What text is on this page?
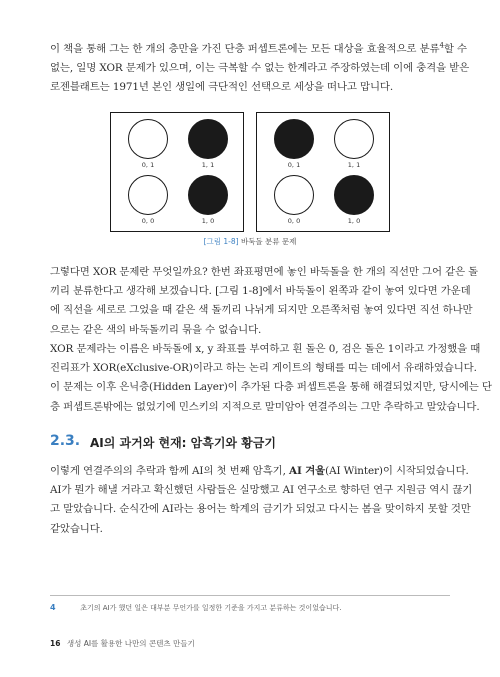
이 책을 통해 그는 한 개의 층만을 가진 단층 퍼셉트론에는 모든 대상을 효율적으로 분류$^4$할 수
없는, 일명 XOR 문제가 있으며, 이는 극복할 수 없는 한계라고 주장하였는데 이에 충격을 받은
로젠블래트는 1971년 본인 생일에 극단적인 선택으로 세상을 떠나고 맙니다.
0, 1	1, 1
0, 0	1, 0
0, 1	1, 1
0, 0	1, 0
[그림 1-8] 바둑돌 분류 문제
그렇다면 XOR 문제란 무엇일까요? 한번 좌표평면에 놓인 바둑돌을 한 개의 직선만 그어 같은 돌
끼리 분류한다고 생각해 보겠습니다. [그림 1-8]에서 바둑돌이 왼쪽과 같이 놓여 있다면 가운데
에 직선을 세로로 그었을 때 같은 색 돌끼리 나뉘게 되지만 오른쪽처럼 놓여 있다면 직선 하나만
으로는 같은 색의 바둑돌끼리 묶을 수 없습니다.
XOR 문제라는 이름은 바둑돌에 x, y 좌표를 부여하고 흰 돌은 0, 검은 돌은 1이라고 가정했을 때
진리표가 XOR(eXclusive-OR)이라고 하는 논리 게이트의 형태를 띠는 데에서 유래하였습니다.
이 문제는 이후 은닉층(Hidden Layer)이 추가된 다층 퍼셉트론을 통해 해결되었지만, 당시에는 단
층 퍼셉트론밖에는 없었기에 민스키의 지적으로 말미암아 연결주의는 그만 추락하고 말았습니다.
2.3. AI의 과거와 현재: 암흑기와 황금기
이렇게 연결주의의 추락과 함께 AI의 첫 번째 암흑기, AI 겨울(AI Winter)이 시작되었습니다.
AI가 뭔가 해낼 거라고 확신했던 사람들은 실망했고 AI 연구소로 향하던 연구 지원금 역시 끊기
고 말았습니다. 순식간에 AI라는 용어는 학계의 금기가 되었고 다시는 봄을 맞이하지 못할 것만
같았습니다.
4	초기의 AI가 했던 일은 대부분 무언가를 일정한 기준을 가지고 분류하는 것이었습니다.
16 생성 AI를 활용한 나만의 콘텐츠 만들기
